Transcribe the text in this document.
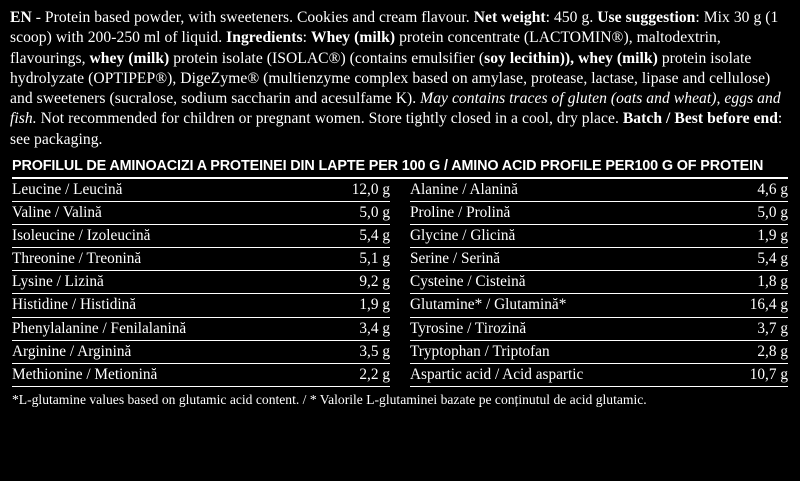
EN - Protein based powder, with sweeteners. Cookies and cream flavour. Net weight: 450 g. Use suggestion: Mix 30 g (1 scoop) with 200-250 ml of liquid. Ingredients: Whey (milk) protein concentrate (LACTOMIN®), maltodextrin, flavourings, whey (milk) protein isolate (ISOLAC®) (contains emulsifier (soy lecithin)), whey (milk) protein isolate hydrolyzate (OPTIPEP®), DigeZyme® (multienzyme complex based on amylase, protease, lactase, lipase and cellulose) and sweeteners (sucralose, sodium saccharin and acesulfame K). May contains traces of gluten (oats and wheat), eggs and fish. Not recommended for children or pregnant women. Store tightly closed in a cool, dry place. Batch / Best before end: see packaging.

PROFILUL DE AMINOACIZI A PROTEINEI DIN LAPTE PER 100 G / AMINO ACID PROFILE PER100 G OF PROTEIN
Leucine / Leucină	12,0 g
Valine / Valină	5,0 g
Isoleucine / Izoleucină	5,4 g
Threonine / Treonină	5,1 g
Lysine / Lizină	9,2 g
Histidine / Histidină	1,9 g
Phenylalanine / Fenilalanină	3,4 g
Arginine / Arginină	3,5 g
Methionine / Metionină	2,2 g
Alanine / Alanină	4,6 g
Proline / Prolină	5,0 g
Glycine / Glicină	1,9 g
Serine / Serină	5,4 g
Cysteine / Cisteină	1,8 g
Glutamine* / Glutamină*	16,4 g
Tyrosine / Tirozină	3,7 g
Tryptophan / Triptofan	2,8 g
Aspartic acid / Acid aspartic	10,7 g
*L-glutamine values based on glutamic acid content. / * Valorile L-glutaminei bazate pe conținutul de acid glutamic.
